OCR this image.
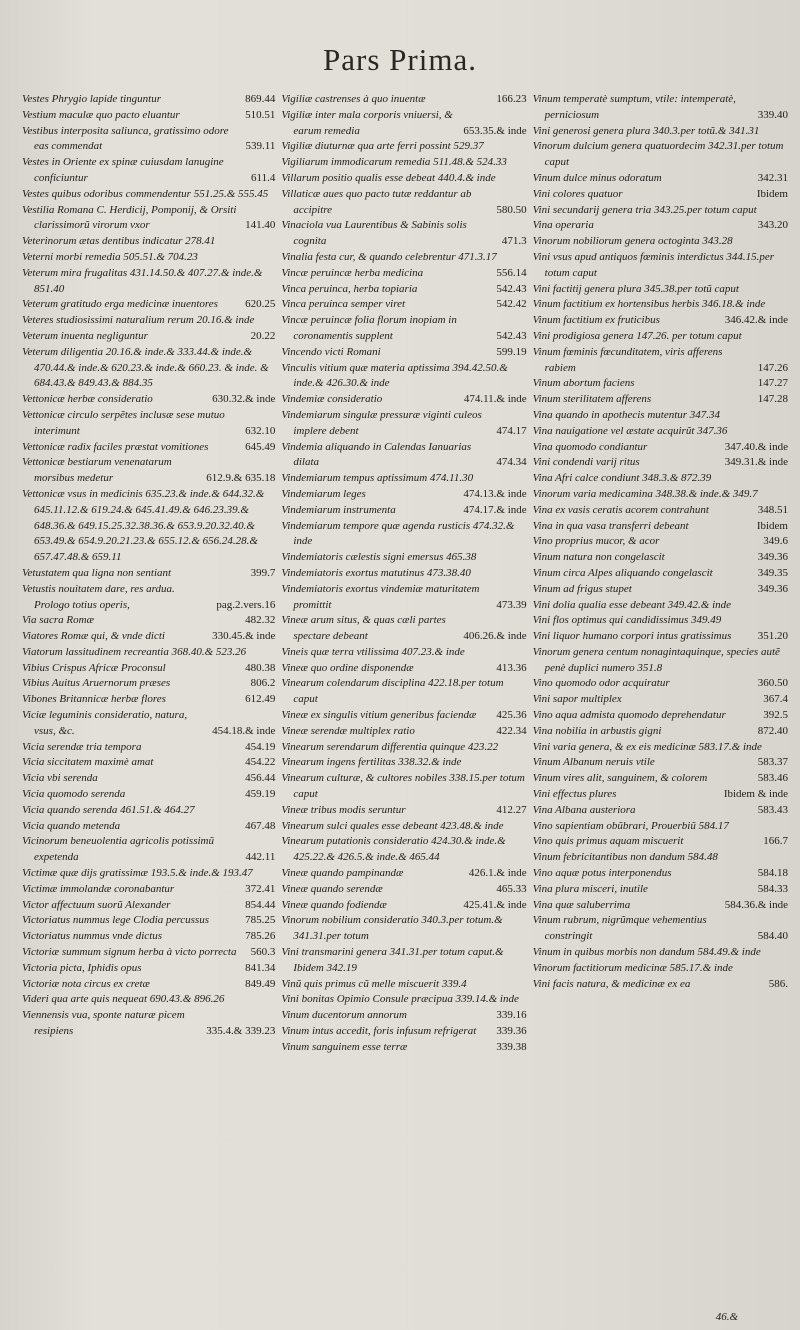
Pars Prima.
Vestes Phrygio lapide tinguntur	869.44
Vestium maculæ quo pacto eluantur	510.51
Vestibus interposita saliunca, gratissimo odore eas commendat	539.11
Vestes in Oriente ex spinæ cuiusdam lanugine conficiuntur	611.4
Vestes quibus odoribus commendentur 551.25.& 555.45
Vestilia Romana C. Herdicij, Pomponij, & Orsiti clarissimorũ virorum vxor	141.40
Veterinorum ætas dentibus indicatur 278.41
Veterni morbi remedia 505.51.& 704.23
Veterum mira frugalitas 431.14.50.& 407.27.& inde.& 851.40
Veterum gratitudo erga medicinæ inuentores	620.25
Veteres studiosissimi naturalium rerum 20.16.& inde
Veterum inuenta negliguntur	20.22
Veterum diligentia 20.16.& inde.& 333.44.& inde.& 470.44.& inde.& 620.23.& inde.& 660.23. & inde. & 684.43.& 849.43.& 884.35
Vettonicæ herbæ consideratio	630.32.& inde
Vettonicæ circulo serpẽtes inclusæ sese mutuo interimunt	632.10
Vettonicæ radix faciles præstat vomitiones	645.49
Vettonicæ bestiarum venenatarum morsibus medetur	612.9.& 635.18
Vettonicæ vsus in medicinis 635.23.& inde.& 644.32.& 645.11.12.& 619.24.& 645.41.49.& 646.23.39.& 648.36.& 649.15.25.32.38.36.& 653.9.20.32.40.& 653.49.& 654.9.20.21.23.& 655.12.& 656.24.28.& 657.47.48.& 659.11
Vetustatem qua ligna non sentiant	399.7
Vetustis nouitatem dare, res ardua. Prologo totius operis,	pag.2.vers.16
Via sacra Romæ	482.32
Viatores Romæ qui, & vnde dicti	330.45.& inde
Viatorum lassitudinem recreantia 368.40.& 523.26
Vibius Crispus Africæ Proconsul	480.38
Vibius Auitus Aruernorum præses	806.2
Vibones Britannicæ herbæ flores	612.49
Viciæ leguminis consideratio, natura, vsus, &c.	454.18.& inde
Vicia serendæ tria tempora	454.19
Vicia siccitatem maximè amat	454.22
Vicia vbi serenda	456.44
Vicia quomodo serenda	459.19
Vicia quando serenda 461.51.& 464.27
Vicia quando metenda	467.48
Vicinorum beneuolentia agricolis potissimũ expetenda	442.11
Victimæ quæ dijs gratissimæ 193.5.& inde.& 193.47
Victimæ immolandæ coronabantur	372.41
Victor affectuum suorũ Alexander	854.44
Victoriatus nummus lege Clodia percussus	785.25
Victoriatus nummus vnde dictus	785.26
Victoriæ summum signum herba à victo porrecta	560.3
Victoria picta, Iphidis opus	841.34
Victoriæ nota circus ex cretæ	849.49
Videri qua arte quis nequeat 690.43.& 896.26
Viennensis vua, sponte naturæ picem resipiens	335.4.& 339.23
Vigiliæ castrenses à quo inuentæ	166.23
Vigiliæ inter mala corporis vniuersi, & earum remedia	653.35.& inde
Vigiliæ diuturnæ qua arte ferri possint 529.37
Vigiliarum immodicarum remedia 511.48.& 524.33
Villarum positio qualis esse debeat 440.4.& inde
Villaticæ aues quo pacto tutæ reddantur ab accipitre	580.50
Vinaciola vua Laurentibus & Sabinis solis cognita	471.3
Vinalia festa cur, & quando celebrentur 471.3.17
Vincæ peruincæ herba medicina	556.14
Vinca peruinca, herba topiaria	542.43
Vinca peruinca semper viret	542.42
Vincæ peruincæ folia florum inopiam in coronamentis supplent	542.43
Vincendo victi Romani	599.19
Vinculis vitium quæ materia aptissima 394.42.50.& inde.& 426.30.& inde
Vindemiæ consideratio	474.11.& inde
Vindemiarum singulæ pressuræ viginti culeos implere debent	474.17
Vindemia aliquando in Calendas Ianuarias dilata	474.34
Vindemiarum tempus aptissimum 474.11.30
Vindemiarum leges	474.13.& inde
Vindemiarum instrumenta	474.17.& inde
Vindemiarum tempore quæ agenda rusticis 474.32.& inde
Vindemiatoris cælestis signi emersus 465.38
Vindemiatoris exortus matutinus 473.38.40
Vindemiatoris exortus vindemiæ maturitatem promittit	473.39
Vineæ arum situs, & quas cæli partes spectare debeant	406.26.& inde
Vineis quæ terra vtilissima 407.23.& inde
Vineæ quo ordine disponendæ	413.36
Vinearum colendarum disciplina 422.18.per totum caput
Vineæ ex singulis vitium generibus faciendæ	425.36
Vineæ serendæ multiplex ratio	422.34
Vinearum serendarum differentia quinque 423.22
Vinearum ingens fertilitas 338.32.& inde
Vinearum culturæ, & cultores nobiles 338.15.per totum caput
Vineæ tribus modis seruntur	412.27
Vinearum sulci quales esse debeant 423.48.& inde
Vinearum putationis consideratio 424.30.& inde.& 425.22.& 426.5.& inde.& 465.44
Vineæ quando pampinandæ	426.1.& inde
Vineæ quando serendæ	465.33
Vineæ quando fodiendæ	425.41.& inde
Vinorum nobilium consideratio 340.3.per totum.& 341.31.per totum
Vini transmarini genera 341.31.per totum caput.& Ibidem 342.19
Vinũ quis primus cũ melle miscuerit 339.4
Vini bonitas Opimio Consule præcipua 339.14.& inde
Vinum ducentorum annorum	339.16
Vinum intus accedit, foris infusum refrigerat	339.36
Vinum sanguinem esse terræ	339.38
Vinum temperatè sumptum, vtile: intemperatè, perniciosum	339.40
Vini generosi genera plura 340.3.per totũ.& 341.31
Vinorum dulcium genera quatuordecim 342.31.per totum caput
Vinum dulce minus odoratum	342.31
Vini colores quatuor	Ibidem
Vini secundarij genera tria 343.25.per totum caput
Vina operaria	343.20
Vinorum nobiliorum genera octoginta 343.28
Vini vsus apud antiquos fœminis interdictus 344.15.per totum caput
Vini factitij genera plura 345.38.per totũ caput
Vinum factitium ex hortensibus herbis 346.18.& inde
Vinum factitium ex fruticibus	346.42.& inde
Vini prodigiosa genera 147.26. per totum caput
Vinum fœminis fœcunditatem, viris afferens rabiem	147.26
Vinum abortum faciens	147.27
Vinum sterilitatem afferens	147.28
Vina quando in apothecis mutentur 347.34
Vina nauigatione vel æstate acquirũt 347.36
Vina quomodo condiantur	347.40.& inde
Vini condendi varij ritus	349.31.& inde
Vina Afri calce condiunt 348.3.& 872.39
Vinorum varia medicamina 348.38.& inde.& 349.7
Vina ex vasis ceratis acorem contrahunt	348.51
Vina in qua vasa transferri debeant	Ibidem
Vino proprius mucor, & acor	349.6
Vinum natura non congelascit	349.36
Vinum circa Alpes aliquando congelascit	349.35
Vinum ad frigus stupet	349.36
Vini dolia qualia esse debeant 349.42.& inde
Vini flos optimus qui candidissimus 349.49
Vini liquor humano corpori intus gratissimus	351.20
Vinorum genera centum nonagintaquinque, species autẽ penè duplici numero 351.8
Vino quomodo odor acquiratur	360.50
Vini sapor multiplex	367.4
Vino aqua admista quomodo deprehendatur	392.5
Vina nobilia in arbustis gigni	872.40
Vini varia genera, & ex eis medicinæ 583.17.& inde
Vinum Albanum neruis vtile	583.37
Vinum vires alit, sanguinem, & colorem	583.46
Vini effectus plures	Ibidem & inde
Vina Albana austeriora	583.43
Vino sapientiam obũbrari, Prouerbiũ 584.17
Vino quis primus aquam miscuerit	166.7
Vinum febricitantibus non dandum 584.48
Vino aquæ potus interponendus	584.18
Vina plura misceri, inutile	584.33
Vina quæ saluberrima	584.36.& inde
Vinum rubrum, nigrũmque vehementius constringit	584.40
Vinum in quibus morbis non dandum 584.49.& inde
Vinorum factitiorum medicinæ 585.17.& inde
Vini facis natura, & medicinæ ex ea	586.
46.&
